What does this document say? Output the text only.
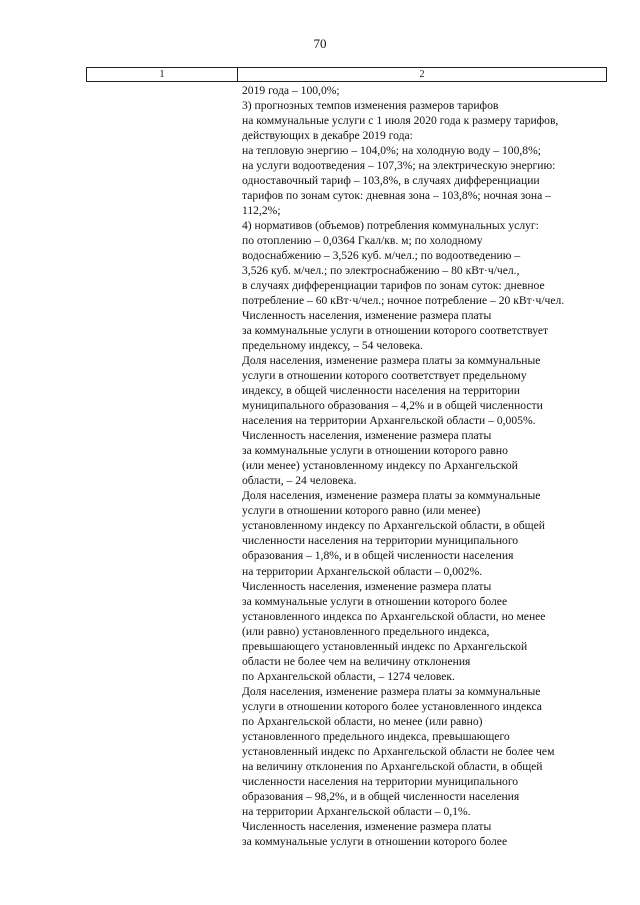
70
1	2
2019 года – 100,0%;
3) прогнозных темпов изменения размеров тарифов
на коммунальные услуги с 1 июля 2020 года к размеру тарифов,
действующих в декабре 2019 года:
на тепловую энергию – 104,0%; на холодную воду – 100,8%;
на услуги водоотведения – 107,3%; на электрическую энергию:
одноставочный тариф – 103,8%, в случаях дифференциации
тарифов по зонам суток: дневная зона – 103,8%; ночная зона –
112,2%;
4) нормативов (объемов) потребления коммунальных услуг:
по отоплению – 0,0364 Гкал/кв. м; по холодному
водоснабжению – 3,526 куб. м/чел.; по водоотведению –
3,526 куб. м/чел.; по электроснабжению – 80 кВт·ч/чел.,
в случаях дифференциации тарифов по зонам суток: дневное
потребление – 60 кВт·ч/чел.; ночное потребление – 20 кВт·ч/чел.
Численность населения, изменение размера платы
за коммунальные услуги в отношении которого соответствует
предельному индексу, – 54 человека.
Доля населения, изменение размера платы за коммунальные
услуги в отношении которого соответствует предельному
индексу, в общей численности населения на территории
муниципального образования – 4,2% и в общей численности
населения на территории Архангельской области – 0,005%.
Численность населения, изменение размера платы
за коммунальные услуги в отношении которого равно
(или менее) установленному индексу по Архангельской
области, – 24 человека.
Доля населения, изменение размера платы за коммунальные
услуги в отношении которого равно (или менее)
установленному индексу по Архангельской области, в общей
численности населения на территории муниципального
образования – 1,8%, и в общей численности населения
на территории Архангельской области – 0,002%.
Численность населения, изменение размера платы
за коммунальные услуги в отношении которого более
установленного индекса по Архангельской области, но менее
(или равно) установленного предельного индекса,
превышающего установленный индекс по Архангельской
области не более чем на величину отклонения
по Архангельской области, – 1274 человек.
Доля населения, изменение размера платы за коммунальные
услуги в отношении которого более установленного индекса
по Архангельской области, но менее (или равно)
установленного предельного индекса, превышающего
установленный индекс по Архангельской области не более чем
на величину отклонения по Архангельской области, в общей
численности населения на территории муниципального
образования – 98,2%, и в общей численности населения
на территории Архангельской области – 0,1%.
Численность населения, изменение размера платы
за коммунальные услуги в отношении которого более
